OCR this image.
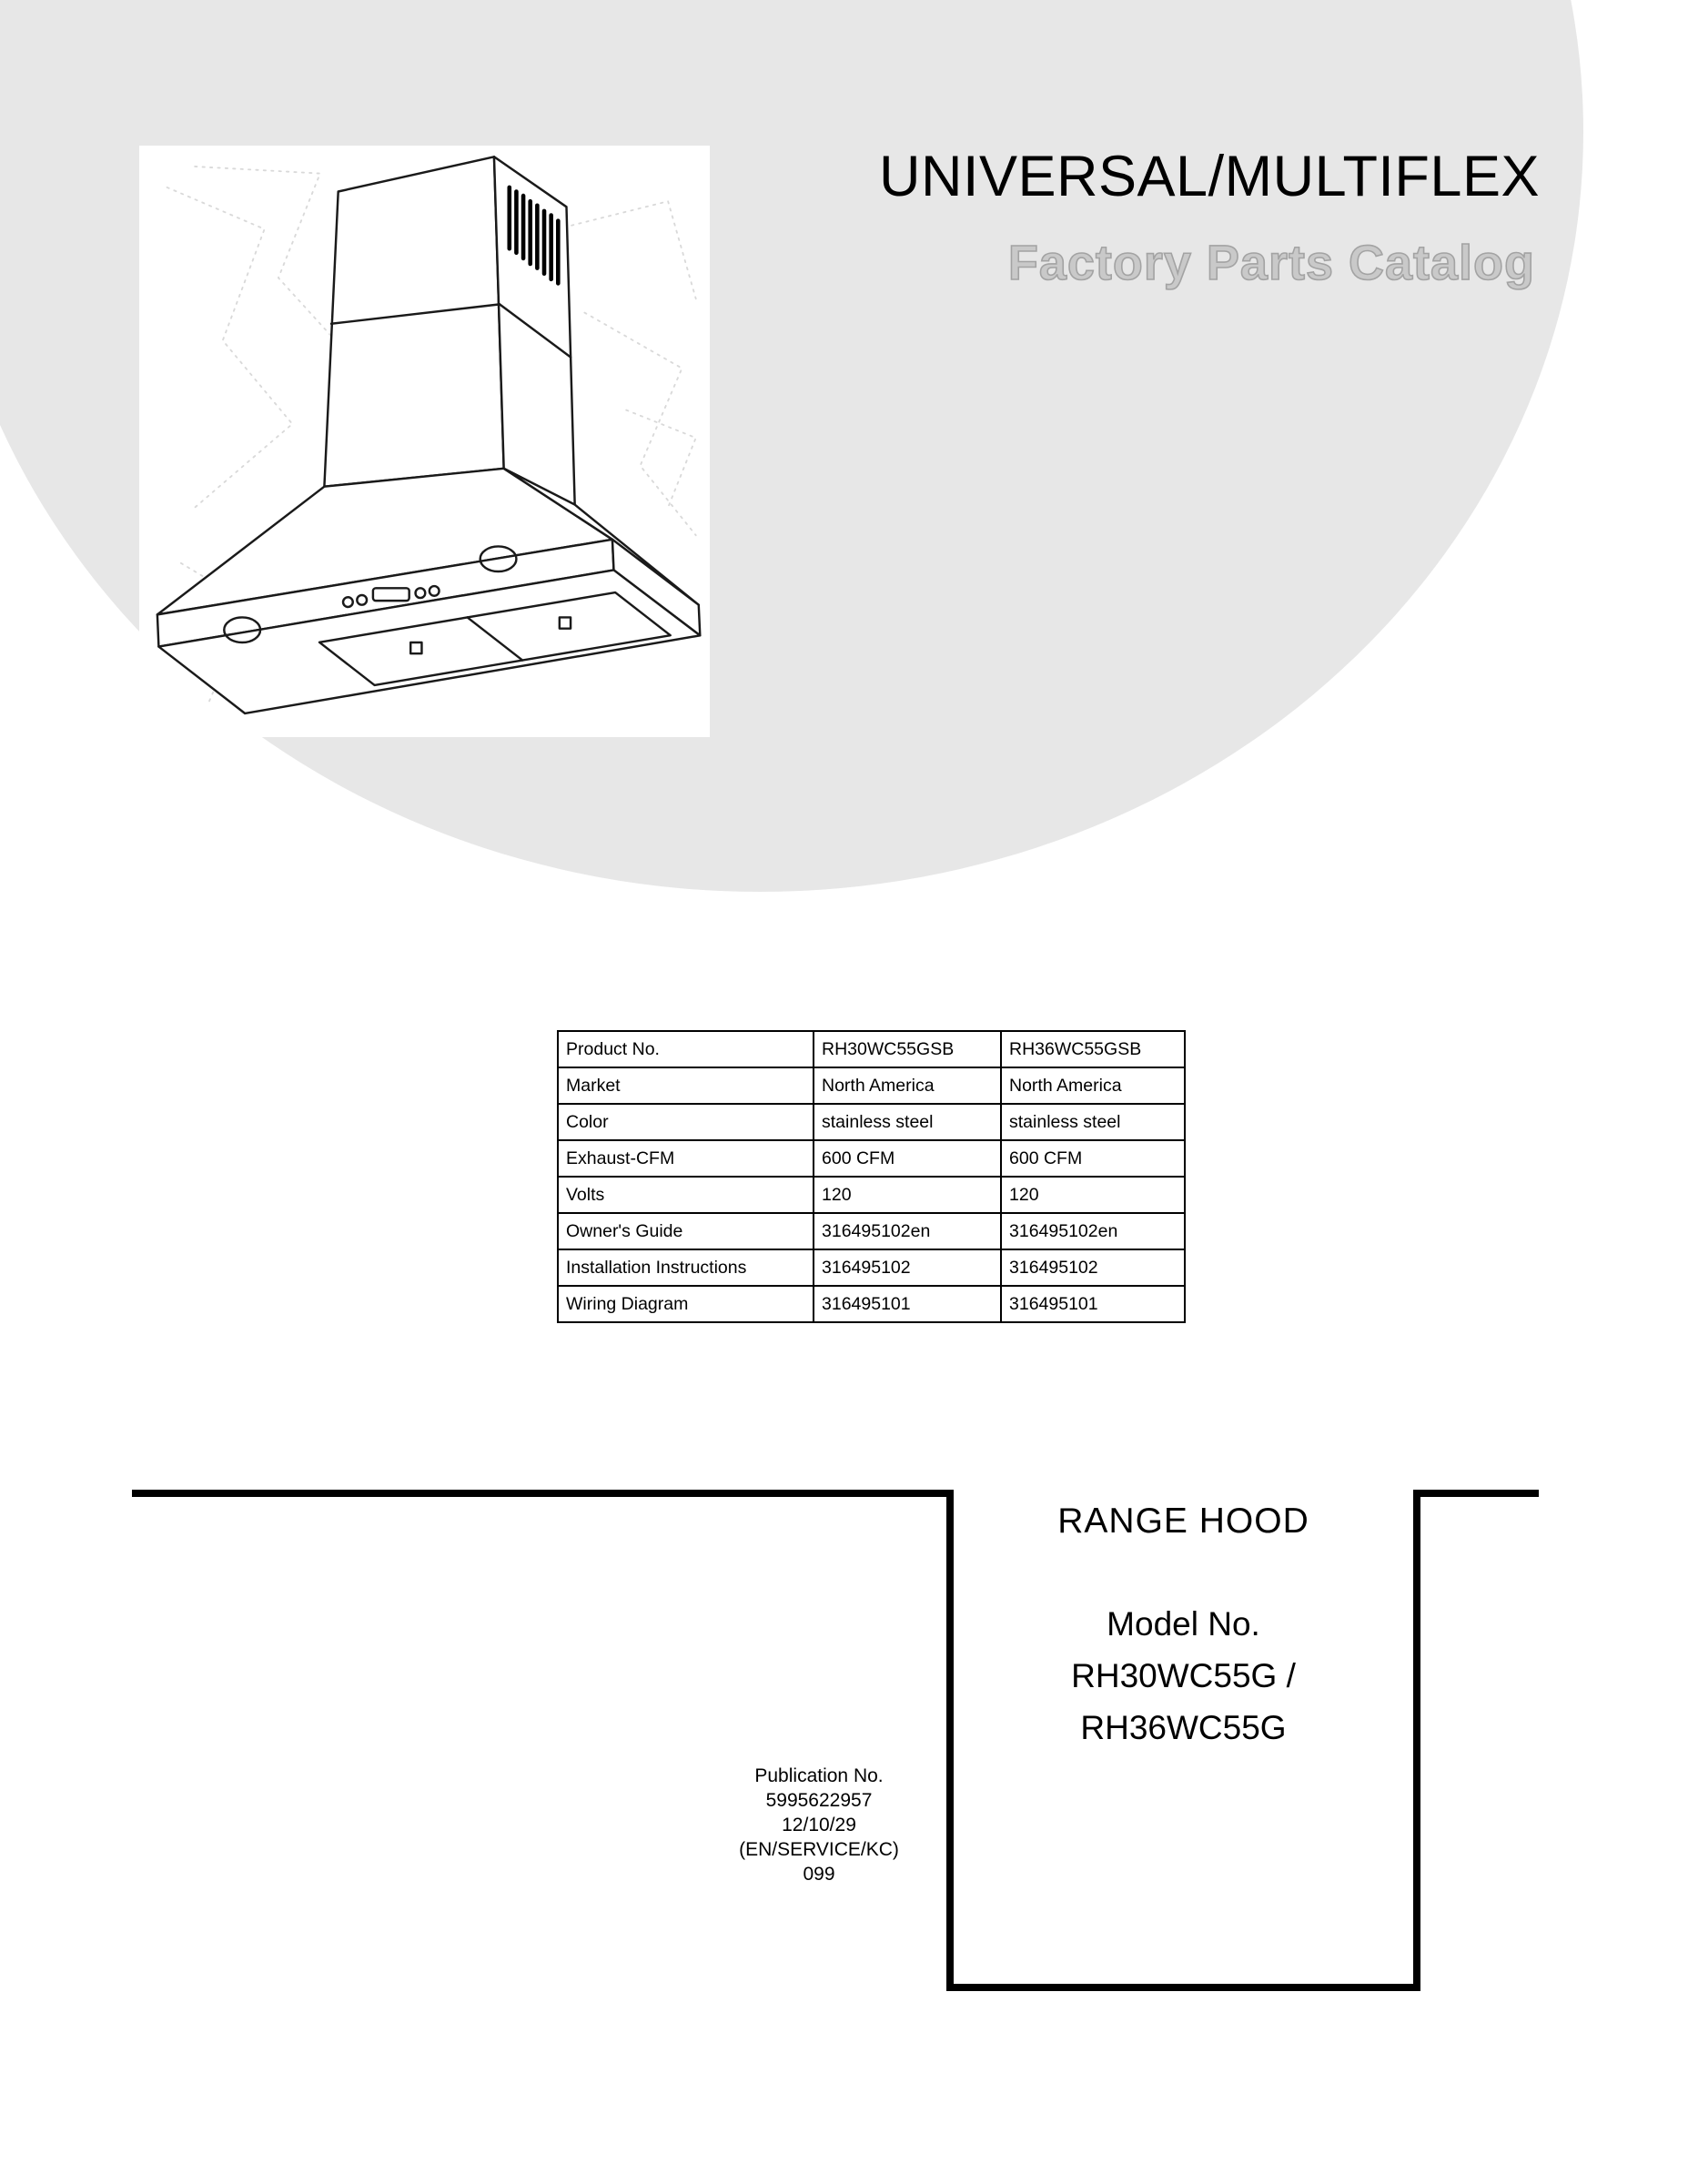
UNIVERSAL/MULTIFLEX
Factory Parts Catalog
Product No.	RH30WC55GSB	RH36WC55GSB
Market	North America	North America
Color	stainless steel	stainless steel
Exhaust-CFM	600 CFM	600 CFM
Volts	120	120
Owner's Guide	316495102en	316495102en
Installation Instructions	316495102	316495102
Wiring Diagram	316495101	316495101
RANGE HOOD
Model No.
RH30WC55G /
RH36WC55G
Publication No.
5995622957
12/10/29
(EN/SERVICE/KC)
099
